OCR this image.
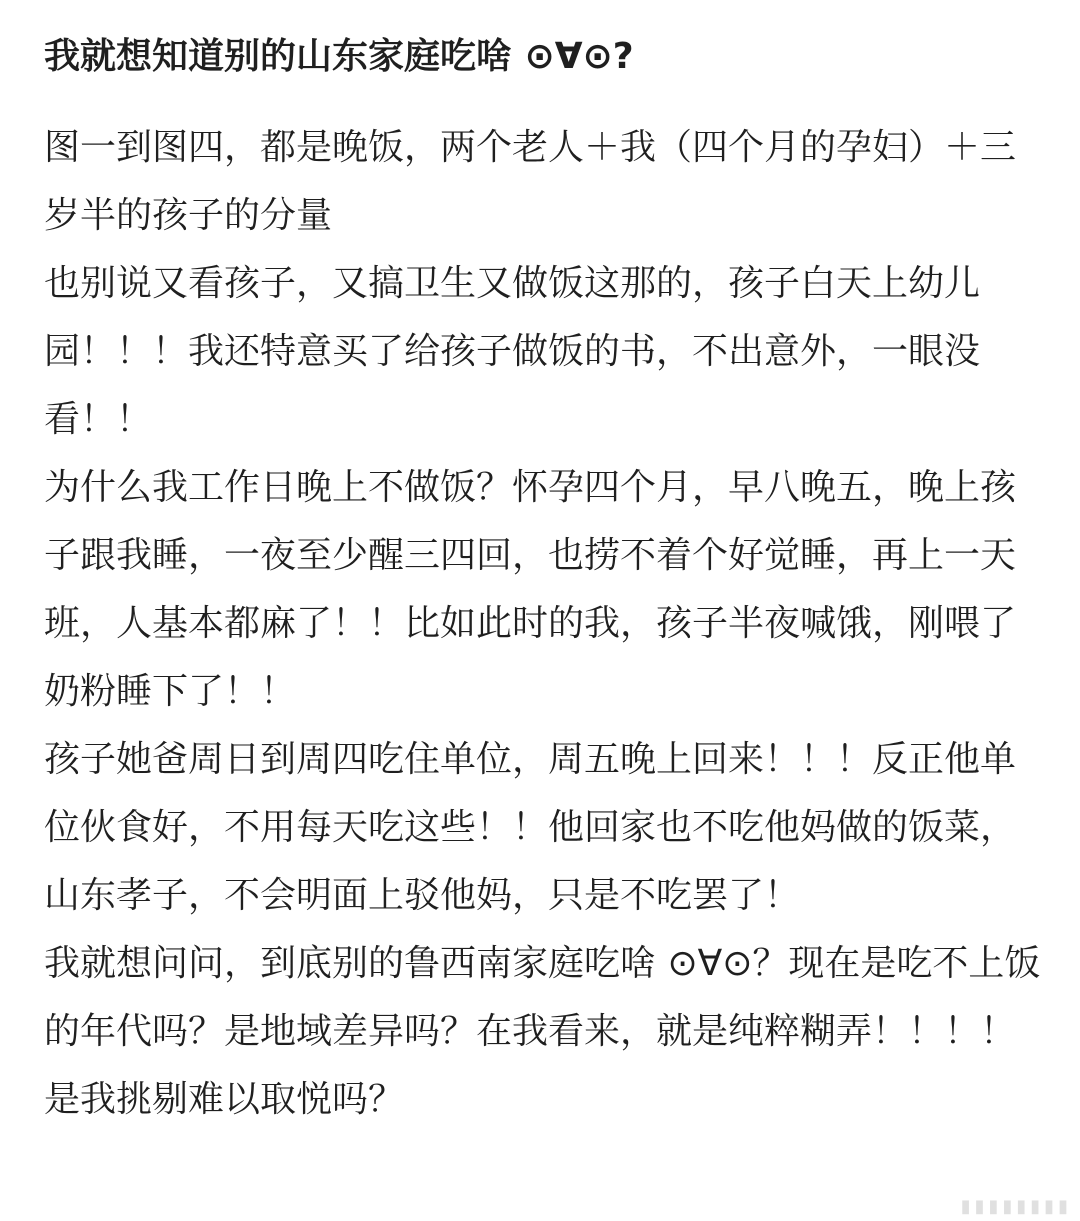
我就想知道别的山东家庭吃啥 ⊙∀⊙?

图一到图四，都是晚饭，两个老人＋我（四个月的孕妇）＋三岁半的孩子的分量

也别说又看孩子，又搞卫生又做饭这那的，孩子白天上幼儿园！！！我还特意买了给孩子做饭的书，不出意外，一眼没看！！

为什么我工作日晚上不做饭？怀孕四个月，早八晚五，晚上孩子跟我睡，一夜至少醒三四回，也捞不着个好觉睡，再上一天班，人基本都麻了！！比如此时的我，孩子半夜喊饿，刚喂了奶粉睡下了！！

孩子她爸周日到周四吃住单位，周五晚上回来！！！反正他单位伙食好，不用每天吃这些！！他回家也不吃他妈做的饭菜，山东孝子，不会明面上驳他妈，只是不吃罢了！

我就想问问，到底别的鲁西南家庭吃啥 ⊙∀⊙？现在是吃不上饭的年代吗？是地域差异吗？在我看来，就是纯粹糊弄！！！！是我挑剔难以取悦吗？

▮▮▮▮▮▮▮▮
